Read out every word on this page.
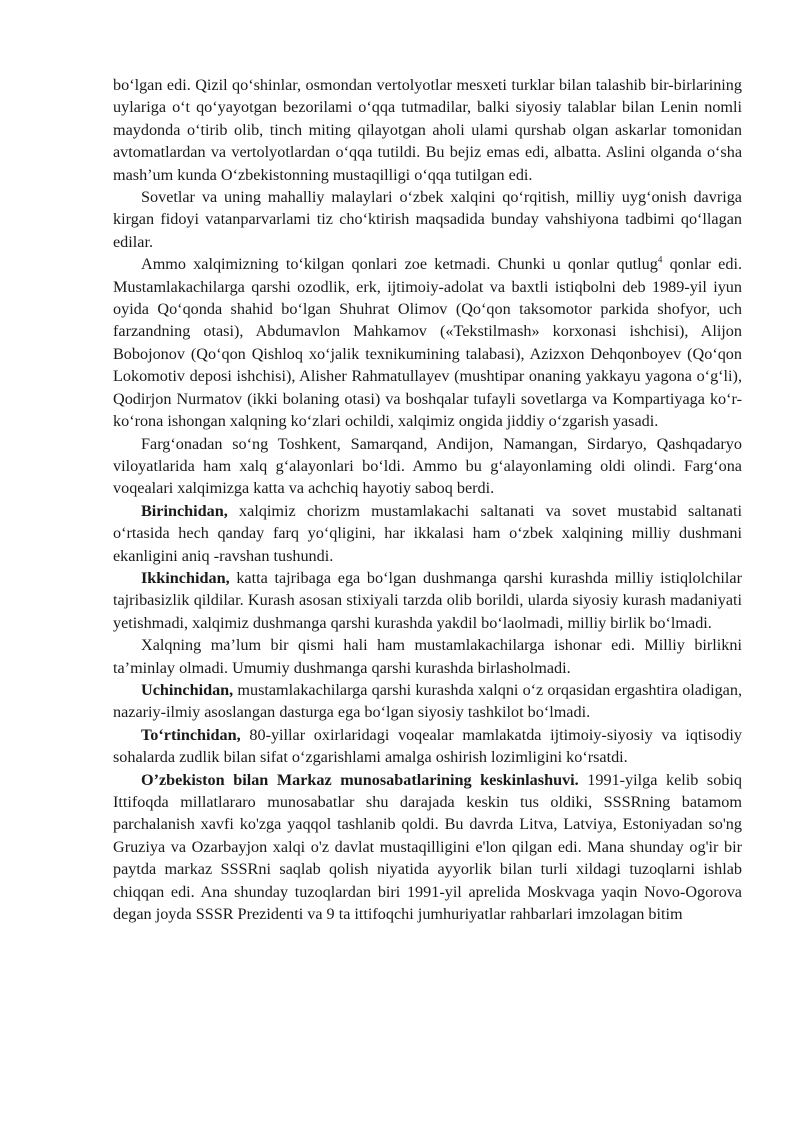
bo‘lgan edi. Qizil qo‘shinlar, osmondan vertolyotlar mesxeti turklar bilan talashib bir-birlarining uylariga o‘t qo‘yayotgan bezorilami o‘qqa tutmadilar, balki siyosiy talablar bilan Lenin nomli maydonda o‘tirib olib, tinch miting qilayotgan aholi ulami qurshab olgan askarlar tomonidan avtomatlardan va vertolyotlardan o‘qqa tutildi. Bu bejiz emas edi, albatta. Aslini olganda o‘sha mash’um kunda O‘zbekistonning mustaqilligi o‘qqa tutilgan edi.

Sovetlar va uning mahalliy malaylari o‘zbek xalqini qo‘rqitish, milliy uyg‘onish davriga kirgan fidoyi vatanparvarlami tiz cho‘ktirish maqsadida bunday vahshiyona tadbimi qo‘llagan edilar.

Ammo xalqimizning to‘kilgan qonlari zoe ketmadi. Chunki u qonlar qutlug$^4$ qonlar edi. Mustamlakachilarga qarshi ozodlik, erk, ijtimoiy-adolat va baxtli istiqbolni deb 1989-yil iyun oyida Qo‘qonda shahid bo‘lgan Shuhrat Olimov (Qo‘qon taksomotor parkida shofyor, uch farzandning otasi), Abdumavlon Mahkamov («Tekstilmash» korxonasi ishchisi), Alijon Bobojonov (Qo‘qon Qishloq xo‘jalik texnikumining talabasi), Azizxon Dehqonboyev (Qo‘qon Lokomotiv deposi ishchisi), Alisher Rahmatullayev (mushtipar onaning yakkayu yagona o‘g‘li), Qodirjon Nurmatov (ikki bolaning otasi) va boshqalar tufayli sovetlarga va Kompartiyaga ko‘r-ko‘rona ishongan xalqning ko‘zlari ochildi, xalqimiz ongida jiddiy o‘zgarish yasadi.

Farg‘onadan so‘ng Toshkent, Samarqand, Andijon, Namangan, Sirdaryo, Qashqadaryo viloyatlarida ham xalq g‘alayonlari bo‘ldi. Ammo bu g‘alayonlaming oldi olindi. Farg‘ona voqealari xalqimizga katta va achchiq hayotiy saboq berdi.

Birinchidan, xalqimiz chorizm mustamlakachi saltanati va sovet mustabid saltanati o‘rtasida hech qanday farq yo‘qligini, har ikkalasi ham o‘zbek xalqining milliy dushmani ekanligini aniq -ravshan tushundi.

Ikkinchidan, katta tajribaga ega bo‘lgan dushmanga qarshi kurashda milliy istiqlolchilar tajribasizlik qildilar. Kurash asosan stixiyali tarzda olib borildi, ularda siyosiy kurash madaniyati yetishmadi, xalqimiz dushmanga qarshi kurashda yakdil bo‘laolmadi, milliy birlik bo‘lmadi.

Xalqning ma’lum bir qismi hali ham mustamlakachilarga ishonar edi. Milliy birlikni ta’minlay olmadi. Umumiy dushmanga qarshi kurashda birlasholmadi.

Uchinchidan, mustamlakachilarga qarshi kurashda xalqni o‘z orqasidan ergashtira oladigan, nazariy-ilmiy asoslangan dasturga ega bo‘lgan siyosiy tashkilot bo‘lmadi.

To‘rtinchidan, 80-yillar oxirlaridagi voqealar mamlakatda ijtimoiy-siyosiy va iqtisodiy sohalarda zudlik bilan sifat o‘zgarishlami amalga oshirish lozimligini ko‘rsatdi.

O’zbekiston bilan Markaz munosabatlarining keskinlashuvi. 1991-yilga kelib sobiq Ittifoqda millatlararo munosabatlar shu darajada keskin tus oldiki, SSSRning batamom parchalanish xavfi ko'zga yaqqol tashlanib qoldi. Bu davrda Litva, Latviya, Estoniyadan so'ng Gruziya va Ozarbayjon xalqi o'z davlat mustaqilligini e'lon qilgan edi. Mana shunday og'ir bir paytda markaz SSSRni saqlab qolish niyatida ayyorlik bilan turli xildagi tuzoqlarni ishlab chiqqan edi. Ana shunday tuzoqlardan biri 1991-yil aprelida Moskvaga yaqin Novo-Ogorova degan joyda SSSR Prezidenti va 9 ta ittifoqchi jumhuriyatlar rahbarlari imzolagan bitim
